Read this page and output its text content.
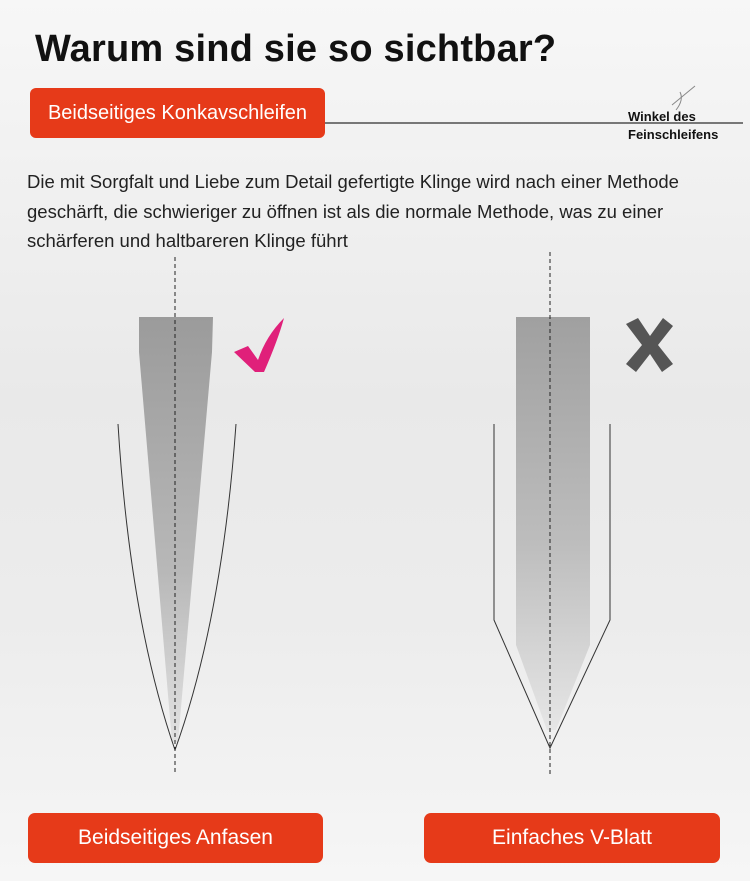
Warum sind sie so sichtbar?
Beidseitiges Konkavschleifen	Winkel des
Feinschleifens
Die mit Sorgfalt und Liebe zum Detail gefertigte Klinge wird nach einer Methode geschärft, die schwieriger zu öffnen ist als die normale Methode, was zu einer schärferen und haltbareren Klinge führt
Beidseitiges Anfasen	Einfaches V-Blatt
